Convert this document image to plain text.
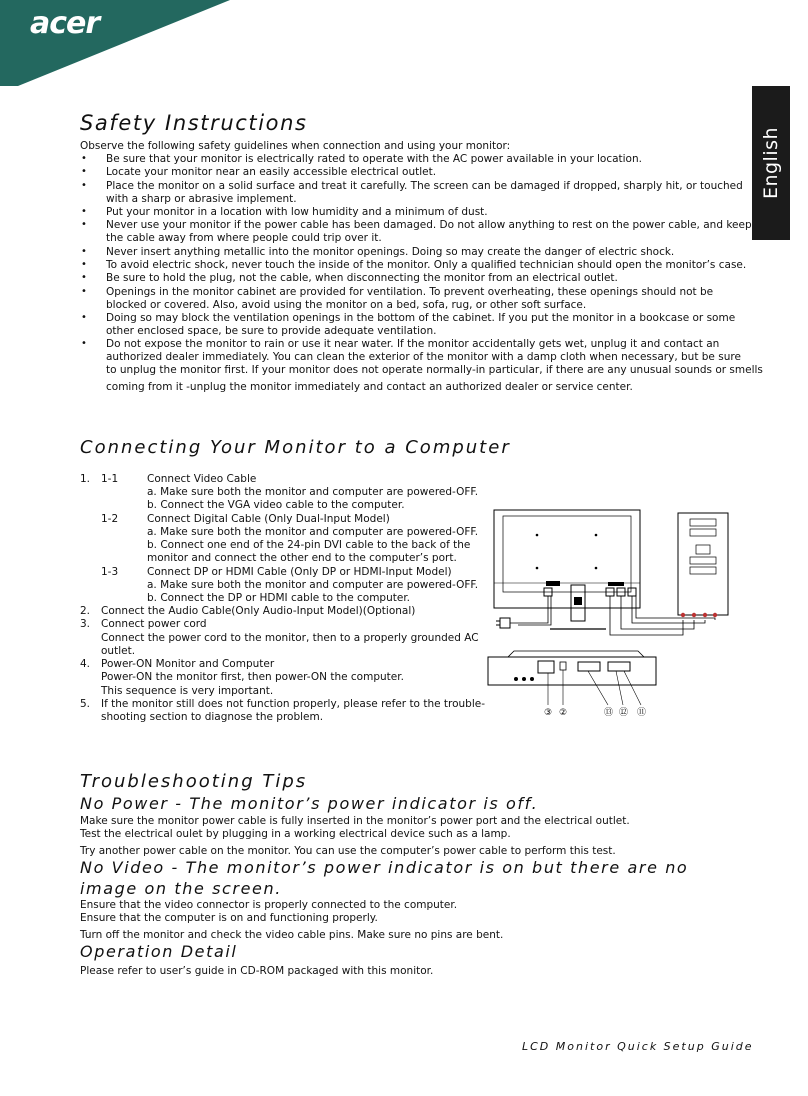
acer
English
Safety Instructions
Observe the following safety guidelines when connection and using your monitor:
•
•
•
•
•
•
•
•
•
•
•
Be sure that your monitor is electrically rated to operate with the AC power available in your location.
Locate your monitor near an easily accessible electrical outlet.
Place the monitor on a solid surface and treat it carefully. The screen can be damaged if dropped, sharply hit, or touched
with a sharp or abrasive implement.
Put your monitor in a location with low humidity and a minimum of dust.
Never use your monitor if the power cable has been damaged. Do not allow anything to rest on the power cable, and keep
the cable away from where people could trip over it.
Never insert anything metallic into the monitor openings. Doing so may create the danger of electric shock.
To avoid electric shock, never touch the inside of the monitor. Only a qualified technician should open the monitor’s case.
Be sure to hold the plug, not the cable, when disconnecting the monitor from an electrical outlet.
Openings in the monitor cabinet are provided for ventilation. To prevent overheating, these openings should not be
blocked or covered. Also, avoid using the monitor on a bed, sofa, rug, or other soft surface.
Doing so may block the ventilation openings in the bottom of the cabinet. If you put the monitor in a bookcase or some
other enclosed space, be sure to provide adequate ventilation.
Do not expose the monitor to rain or use it near water. If the monitor accidentally gets wet, unplug it and contact an
authorized dealer immediately. You can clean the exterior of the monitor with a damp cloth when necessary, but be sure
to unplug the monitor first. If your monitor does not operate normally-in particular, if there are any unusual sounds or smells
coming from it -unplug the monitor immediately and contact an authorized dealer or service center.
Connecting Your Monitor to a Computer
1. 1-1	Connect Video Cable
a. Make sure both the monitor and computer are powered-OFF.
b. Connect the VGA video cable to the computer.
1-2	Connect Digital Cable (Only Dual-Input Model)
a. Make sure both the monitor and computer are powered-OFF.
b. Connect one end of the 24-pin DVI cable to the back of the
monitor and connect the other end to the computer’s port.
1-3	Connect DP or HDMI Cable (Only DP or HDMI-Input Model)
a. Make sure both the monitor and computer are powered-OFF.
b. Connect the DP or HDMI cable to the computer.
2. Connect the Audio Cable(Only Audio-Input Model)(Optional)
3. Connect power cord
Connect the power cord to the monitor, then to a properly grounded AC
outlet.
4. Power-ON Monitor and Computer
Power-ON the monitor first, then power-ON the computer.
This sequence is very important.
5. If the monitor still does not function properly, please refer to the trouble-
shooting section to diagnose the problem.	③ ②	⑬ ⑫ ⑪
Troubleshooting Tips
No Power - The monitor’s power indicator is off.
Make sure the monitor power cable is fully inserted in the monitor’s power port and the electrical outlet.
Test the electrical oulet by plugging in a working electrical device such as a lamp.
Try another power cable on the monitor. You can use the computer’s power cable to perform this test.
No Video - The monitor’s power indicator is on but there are no
image on the screen.
Ensure that the video connector is properly connected to the computer.
Ensure that the computer is on and functioning properly.
Turn off the monitor and check the video cable pins. Make sure no pins are bent.
Operation Detail
Please refer to user’s guide in CD-ROM packaged with this monitor.
LCD Monitor Quick Setup Guide
